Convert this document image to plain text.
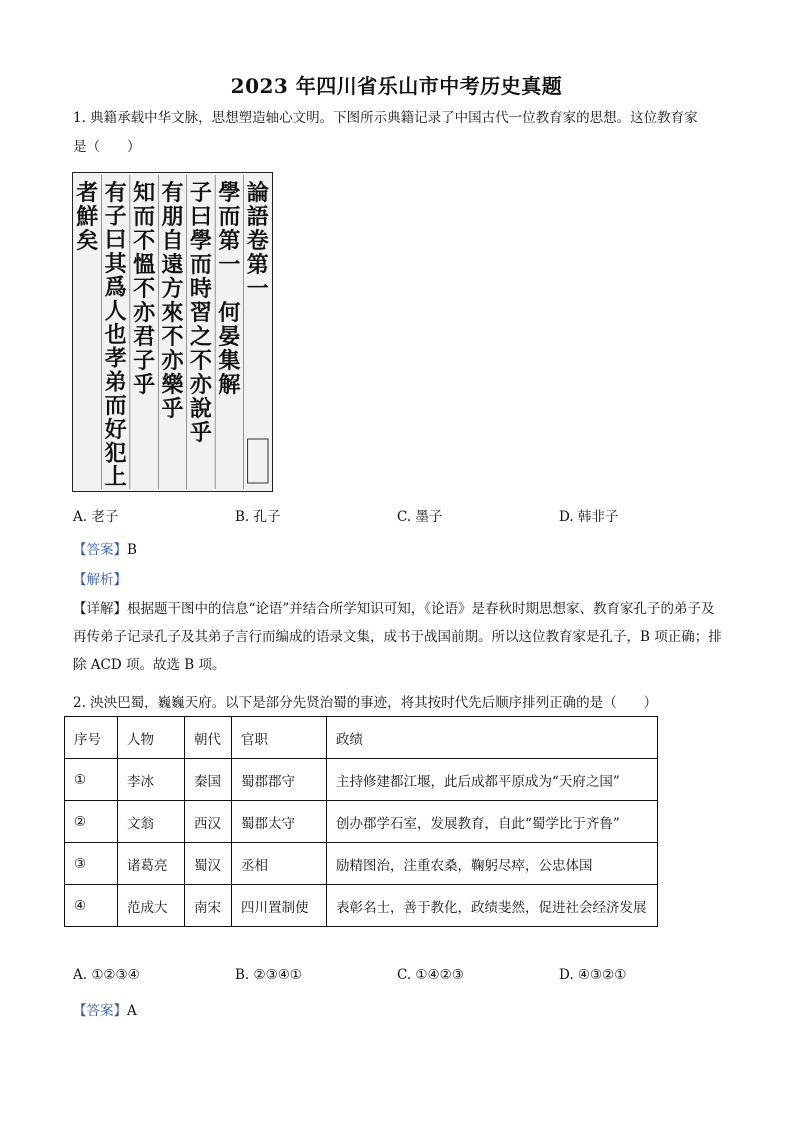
2023 年四川省乐山市中考历史真题
1. 典籍承载中华文脉，思想塑造轴心文明。下图所示典籍记录了中国古代一位教育家的思想。这位教育家
是（　　）
論
語
卷
第
一
學
而
第
一

何
晏
集
解
子
曰
學
而
時
習
之
不
亦
說
乎
有
朋
自
遠
方
來
不
亦
樂
乎
知
而
不
慍
不
亦
君
子
乎
有
子
曰
其
爲
人
也
孝
弟
而
好
犯
上
者
鮮
矣
A. 老子	B. 孔子	C. 墨子	D. 韩非子
【答案】B
【解析】
【详解】根据题干图中的信息“论语”并结合所学知识可知，《论语》是春秋时期思想家、教育家孔子的弟子及再传弟子记录孔子及其弟子言行而编成的语录文集，成书于战国前期。所以这位教育家是孔子，B 项正确；排除 ACD 项。故选 B 项。
2. 泱泱巴蜀，巍巍天府。以下是部分先贤治蜀的事迹，将其按时代先后顺序排列正确的是（　　）
序号	人物	朝代	官职	政绩
①	李冰	秦国	蜀郡郡守	主持修建都江堰，此后成都平原成为“天府之国”
②	文翁	西汉	蜀郡太守	创办郡学石室，发展教育，自此“蜀学比于齐鲁”
③	诸葛亮	蜀汉	丞相	励精图治，注重农桑，鞠躬尽瘁，公忠体国
④	范成大	南宋	四川置制使	表彰名士，善于教化，政绩斐然，促进社会经济发展
A. ①②③④	B. ②③④①	C. ①④②③	D. ④③②①
【答案】A
